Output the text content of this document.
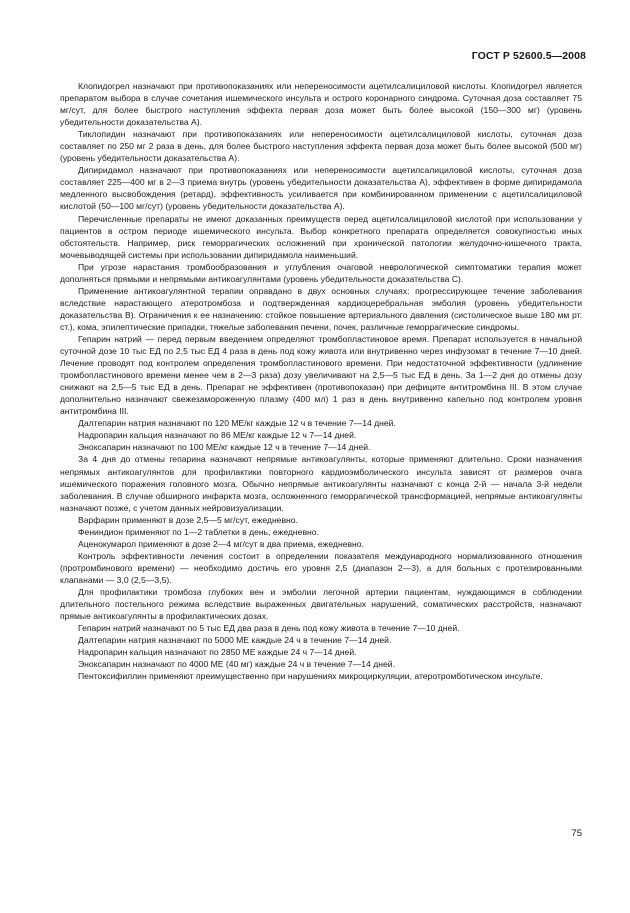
ГОСТ Р 52600.5—2008

Клопидогрел назначают при противопоказаниях или непереносимости ацетилсалициловой кислоты. Клопидогрел является препаратом выбора в случае сочетания ишемического инсульта и острого коронарного синдрома. Суточная доза составляет 75 мг/сут, для более быстрого наступления эффекта первая доза может быть более высокой (150—300 мг) (уровень убедительности доказательства А).

Тиклопидин назначают при противопоказаниях или непереносимости ацетилсалициловой кислоты, суточная доза составляет по 250 мг 2 раза в день, для более быстрого наступления эффекта первая доза может быть более высокой (500 мг) (уровень убедительности доказательства А).

Дипиридамол назначают при противопоказаниях или непереносимости ацетилсалициловой кислоты, суточная доза составляет 225—400 мг в 2—3 приема внутрь (уровень убедительности доказательства А), эффективен в форме дипиридамола медленного высвобождения (ретард), эффективность усиливается при комбинированном применении с ацетилсалициловой кислотой (50—100 мг/сут) (уровень убедительности доказательства А).

Перечисленные препараты не имеют доказанных преимуществ перед ацетилсалициловой кислотой при использовании у пациентов в остром периоде ишемического инсульта. Выбор конкретного препарата определяется совокупностью иных обстоятельств. Например, риск геморрагических осложнений при хронической патологии желудочно-кишечного тракта, мочевыводящей системы при использовании дипиридамола наименьший.

При угрозе нарастания тромбообразования и углубления очаговой неврологической симптоматики терапия может дополняться прямыми и непрямыми антикоагулянтами (уровень убедительности доказательства С).

Применение антикоагулянтной терапии оправдано в двух основных случаях: прогрессирующее течение заболевания вследствие нарастающего атеротромбоза и подтвержденная кардиоцеребральная эмболия (уровень убедительности доказательства В). Ограничения к ее назначению: стойкое повышение артериального давления (систолическое выше 180 мм рт. ст.), кома, эпилептические припадки, тяжелые заболевания печени, почек, различные геморрагические синдромы.

Гепарин натрий — перед первым введением определяют тромбопластиновое время. Препарат используется в начальной суточной дозе 10 тыс ЕД по 2,5 тыс ЕД 4 раза в день под кожу живота или внутривенно через инфузомат в течение 7—10 дней. Лечение проводят под контролем определения тромбопластинового времени. При недостаточной эффективности (удлинение тромбопластинового времени менее чем в 2—3 раза) дозу увеличивают на 2,5—5 тыс ЕД в день. За 1—2 дня до отмены дозу снижают на 2,5—5 тыс ЕД в день. Препарат не эффективен (противопоказан) при дефиците антитромбина III. В этом случае дополнительно назначают свежезамороженную плазму (400 мл) 1 раз в день внутривенно капельно под контролем уровня антитромбина III.

Далтепарин натрия назначают по 120 МЕ/кг каждые 12 ч в течение 7—14 дней.

Надропарин кальция назначают по 86 МЕ/кг каждые 12 ч 7—14 дней.

Эноксапарин назначают по 100 МЕ/кг каждые 12 ч в течение 7—14 дней.

За 4 дня до отмены гепарина назначают непрямые антикоагулянты, которые применяют длительно. Сроки назначения непрямых антикоагулянтов для профилактики повторного кардиоэмболического инсульта зависят от размеров очага ишемического поражения головного мозга. Обычно непрямые антикоагулянты назначают с конца 2-й — начала 3-й недели заболевания. В случае обширного инфаркта мозга, осложненного геморрагической трансформацией, непрямые антикоагулянты назначают позже, с учетом данных нейровизуализации.

Варфарин применяют в дозе 2,5—5 мг/сут, ежедневно.

Фениндион применяют по 1—2 таблетки в день, ежедневно.

Аценокумарол применяют в дозе 2—4 мг/сут в два приема, ежедневно.

Контроль эффективности лечения состоит в определении показателя международного нормализованного отношения (протромбинового времени) — необходимо достичь его уровня 2,5 (диапазон 2—3), а для больных с протезированными клапанами — 3,0 (2,5—3,5).

Для профилактики тромбоза глубоких вен и эмболии легочной артерии пациентам, нуждающимся в соблюдении длительного постельного режима вследствие выраженных двигательных нарушений, соматических расстройств, назначают прямые антикоагулянты в профилактических дозах.

Гепарин натрий назначают по 5 тыс ЕД два раза в день под кожу живота в течение 7—10 дней.

Далтепарин натрия назначают по 5000 МЕ каждые 24 ч в течение 7—14 дней.

Надропарин кальция назначают по 2850 МЕ каждые 24 ч 7—14 дней.

Эноксапарин назначают по 4000 МЕ (40 мг) каждые 24 ч в течение 7—14 дней.

Пентоксифиллин применяют преимущественно при нарушениях микроциркуляции, атеротромботическом инсульте.

75
